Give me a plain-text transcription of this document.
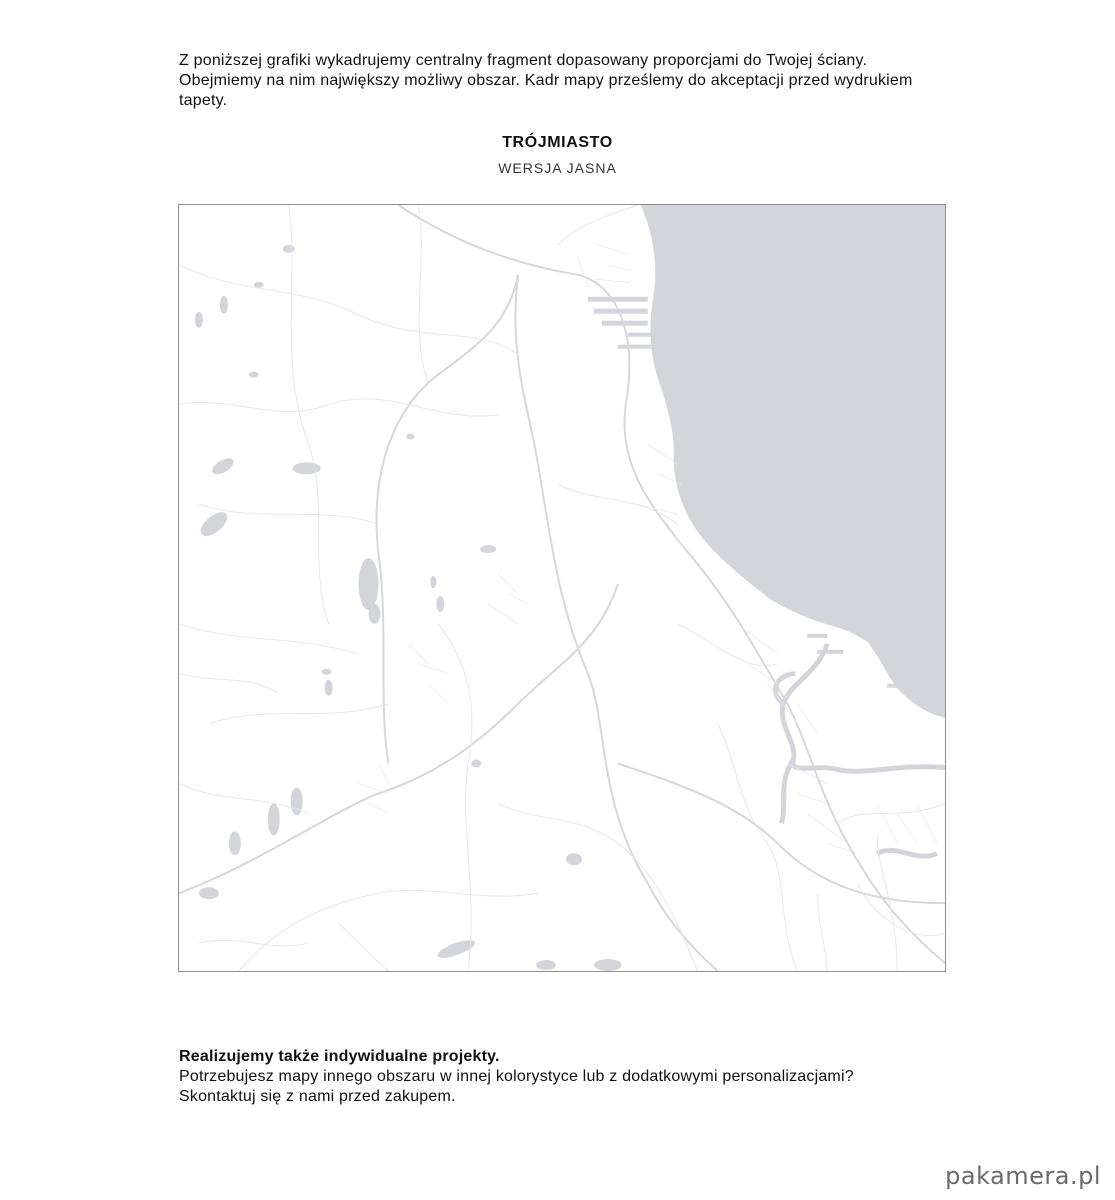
Z poniższej grafiki wykadrujemy centralny fragment dopasowany proporcjami do Twojej ściany. Obejmiemy na nim największy możliwy obszar. Kadr mapy prześlemy do akceptacji przed wydrukiem tapety.

TRÓJMIASTO
WERSJA JASNA

Realizujemy także indywidualne projekty.

Potrzebujesz mapy innego obszaru w innej kolorystyce lub z dodatkowymi personalizacjami?

Skontaktuj się z nami przed zakupem.

pakamera.pl
